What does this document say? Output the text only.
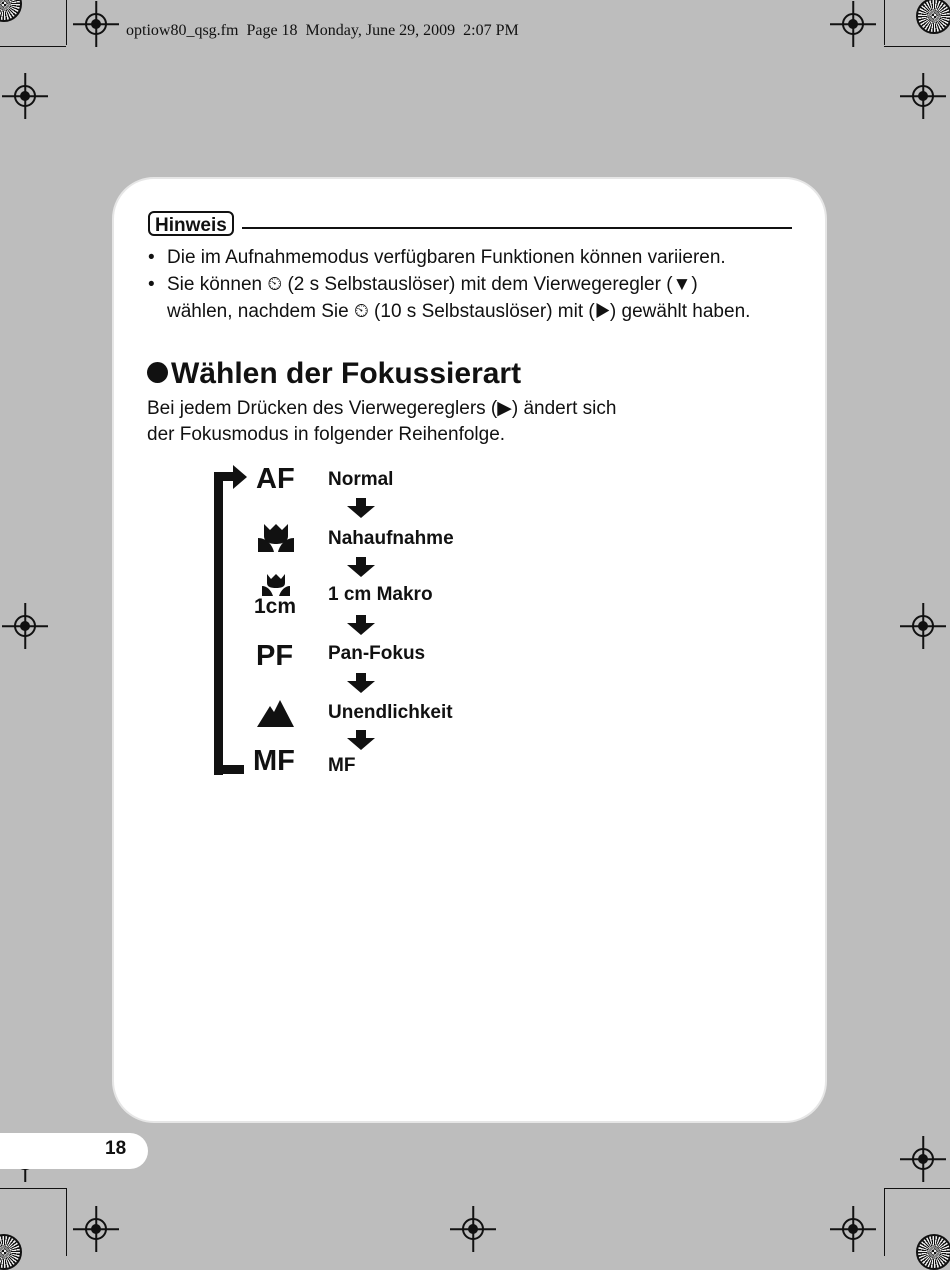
optiow80_qsg.fm  Page 18  Monday, June 29, 2009  2:07 PM
Hinweis
• Die im Aufnahmemodus verfügbaren Funktionen können variieren.
• Sie können ⏲ (2 s Selbstauslöser) mit dem Vierwegeregler (▼)
wählen, nachdem Sie ⏲ (10 s Selbstauslöser) mit (▶) gewählt haben.
Wählen der Fokussierart
Bei jedem Drücken des Vierwegereglers (▶) ändert sich
der Fokusmodus in folgender Reihenfolge.
AF
1cm
PF
MF
Normal
Nahaufnahme
1 cm Makro
Pan-Fokus
Unendlichkeit
MF
18
